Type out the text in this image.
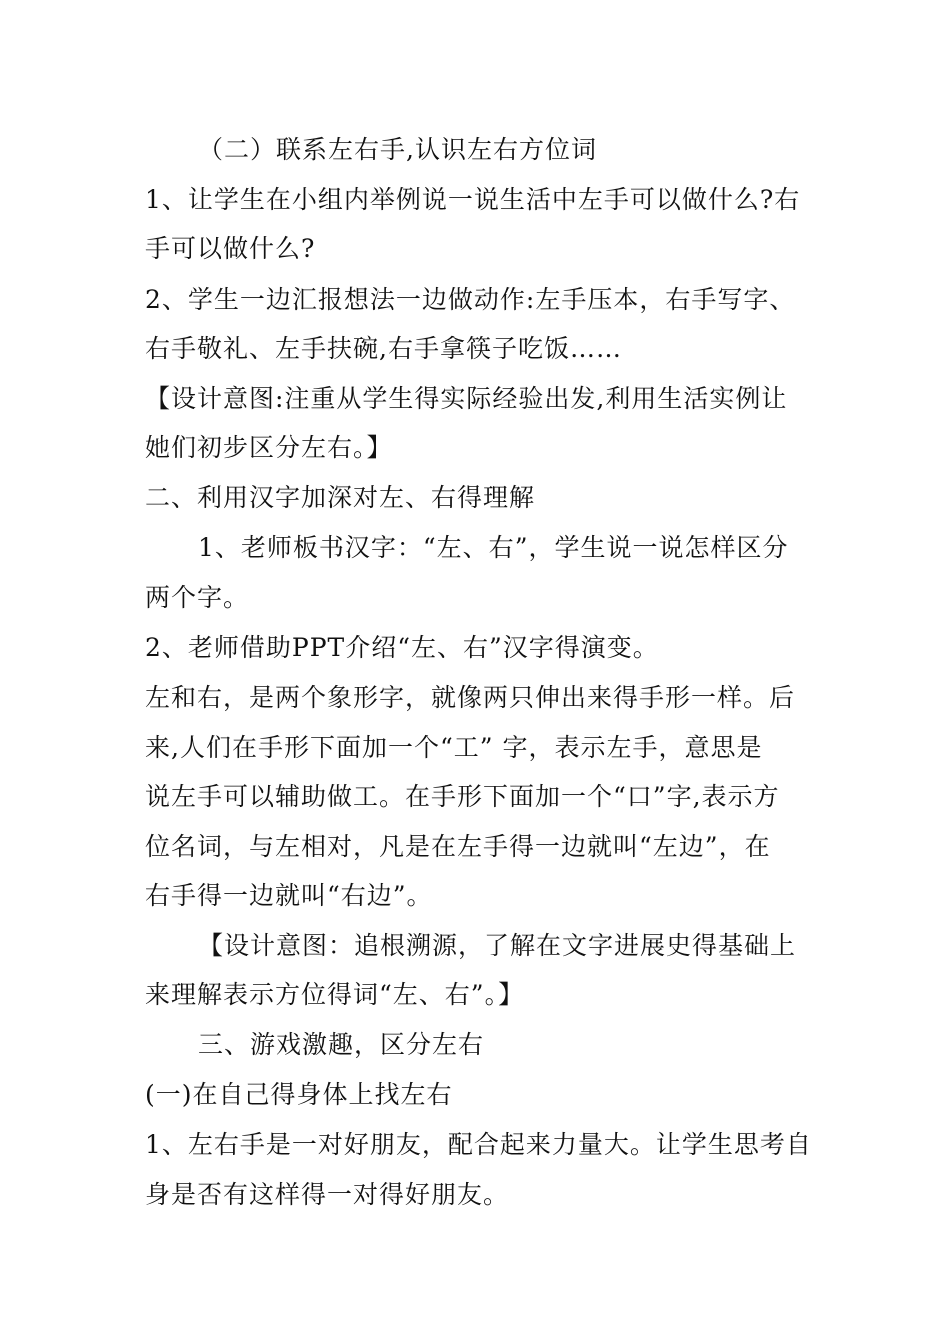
（二）联系左右手,认识左右方位词
1、让学生在小组内举例说一说生活中左手可以做什么?右
手可以做什么?
2、学生一边汇报想法一边做动作:左手压本，右手写字、
右手敬礼、左手扶碗,右手拿筷子吃饭……
【设计意图:注重从学生得实际经验出发,利用生活实例让
她们初步区分左右。】
二、利用汉字加深对左、右得理解
1、老师板书汉字：“左、右”，学生说一说怎样区分
两个字。
2、老师借助PPT介绍“左、右”汉字得演变。
左和右，是两个象形字，就像两只伸出来得手形一样。后
来,人们在手形下面加一个“工” 字，表示左手，意思是
说左手可以辅助做工。在手形下面加一个“口”字,表示方
位名词，与左相对，凡是在左手得一边就叫“左边”，在
右手得一边就叫“右边”。
【设计意图：追根溯源，了解在文字进展史得基础上
来理解表示方位得词“左、右”。】
三、游戏激趣，区分左右
(一)在自己得身体上找左右
1、左右手是一对好朋友，配合起来力量大。让学生思考自
身是否有这样得一对得好朋友。
